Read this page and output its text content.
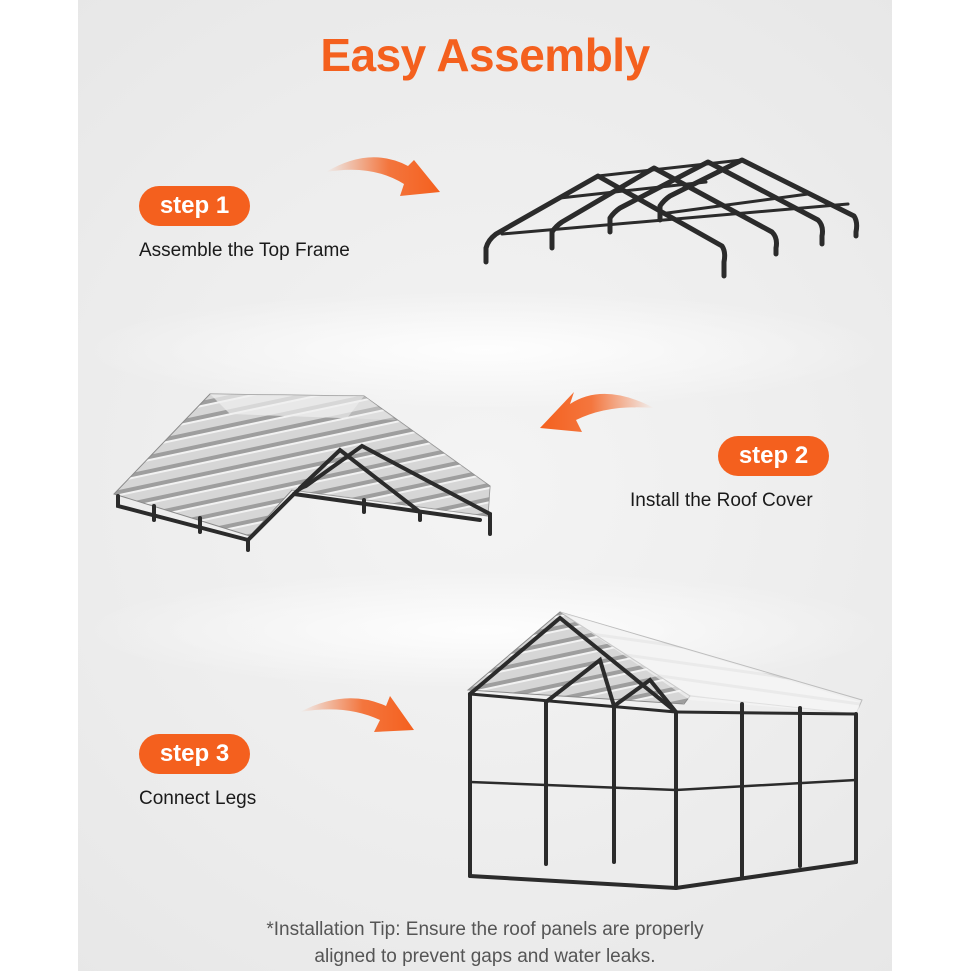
Easy Assembly
step 1
Assemble the Top Frame
step 2
Install the Roof Cover
step 3
Connect Legs
*Installation Tip: Ensure the roof panels are properly
aligned to prevent gaps and water leaks.
